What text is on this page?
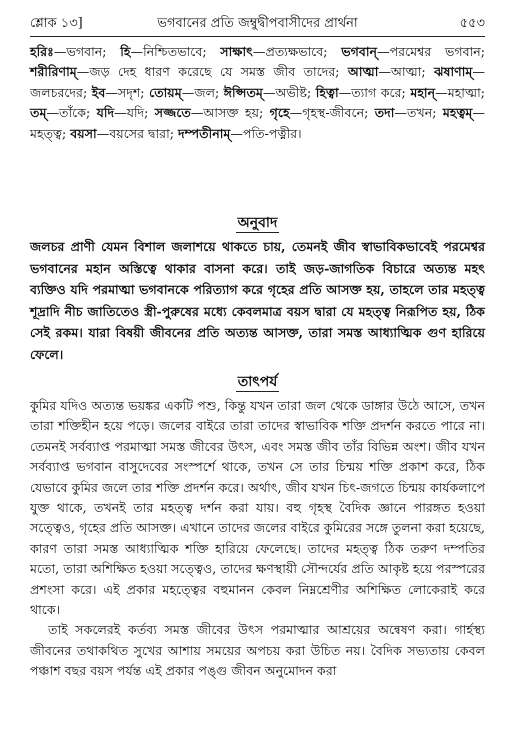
শ্লোক ১৩]	ভগবানের প্রতি জম্বুদ্বীপবাসীদের প্রার্থনা	৫৫৩
হরিঃ—ভগবান; হি—নিশ্চিতভাবে; সাক্ষাৎ—প্রত্যক্ষভাবে; ভগবান্—পরমেশ্বর ভগবান; শরীরিণাম্—জড় দেহ ধারণ করেছে যে সমস্ত জীব তাদের; আত্মা—আত্মা; ঝষাণাম্—জলচরদের; ইব—সদৃশ; তোয়ম্—জল; ঈপ্সিতম্—অভীষ্ট; হিত্বা—ত্যাগ করে; মহান্—মহাত্মা; তম্—তাঁকে; যদি—যদি; সজ্জতে—আসক্ত হয়; গৃহে—গৃহস্থ-জীবনে; তদা—তখন; মহত্বম্—মহত্ত্ব; বয়সা—বয়সের দ্বারা; দম্পতীনাম্—পতি-পত্নীর।
অনুবাদ
জলচর প্রাণী যেমন বিশাল জলাশয়ে থাকতে চায়, তেমনই জীব স্বাভাবিকভাবেই পরমেশ্বর ভগবানের মহান অস্তিত্বে থাকার বাসনা করে। তাই জড়-জাগতিক বিচারে অত্যন্ত মহৎ ব্যক্তিও যদি পরমাত্মা ভগবানকে পরিত্যাগ করে গৃহের প্রতি আসক্ত হয়, তাহলে তার মহত্ত্ব শূদ্রাদি নীচ জাতিতেও স্ত্রী-পুরুষের মধ্যে কেবলমাত্র বয়স দ্বারা যে মহত্ত্ব নিরূপিত হয়, ঠিক সেই রকম। যারা বিষয়ী জীবনের প্রতি অত্যন্ত আসক্ত, তারা সমস্ত আধ্যাত্মিক গুণ হারিয়ে ফেলে।
তাৎপর্য

কুমির যদিও অত্যন্ত ভয়ঙ্কর একটি পশু, কিন্তু যখন তারা জল থেকে ডাঙ্গার উঠে আসে, তখন তারা শক্তিহীন হয়ে পড়ে। জলের বাইরে তারা তাদের স্বাভাবিক শক্তি প্রদর্শন করতে পারে না। তেমনই সর্বব্যাপ্ত পরমাত্মা সমস্ত জীবের উৎস, এবং সমস্ত জীব তাঁর বিভিন্ন অংশ। জীব যখন সর্বব্যাপ্ত ভগবান বাসুদেবের সংস্পর্শে থাকে, তখন সে তার চিন্ময় শক্তি প্রকাশ করে, ঠিক যেভাবে কুমির জলে তার শক্তি প্রদর্শন করে। অর্থাৎ, জীব যখন চিৎ-জগতে চিন্ময় কার্যকলাপে যুক্ত থাকে, তখনই তার মহত্ত্ব দর্শন করা যায়। বহু গৃহস্থ বৈদিক জ্ঞানে পারঙ্গত হওয়া সত্ত্বেও, গৃহের প্রতি আসক্ত। এখানে তাদের জলের বাইরে কুমিরের সঙ্গে তুলনা করা হয়েছে, কারণ তারা সমস্ত আধ্যাত্মিক শক্তি হারিয়ে ফেলেছে। তাদের মহত্ত্ব ঠিক তরুণ দম্পতির মতো, তারা অশিক্ষিত হওয়া সত্ত্বেও, তাদের ক্ষণস্থায়ী সৌন্দর্যের প্রতি আকৃষ্ট হয়ে পরস্পরের প্রশংসা করে। এই প্রকার মহত্ত্বের বহুমানন কেবল নিম্নশ্রেণীর অশিক্ষিত লোকেরাই করে থাকে।

তাই সকলেরই কর্তব্য সমস্ত জীবের উৎস পরমাত্মার আশ্রয়ের অন্বেষণ করা। গার্হস্থ্য জীবনের তথাকথিত সুখের আশায় সময়ের অপচয় করা উচিত নয়। বৈদিক সভ্যতায় কেবল পঞ্চাশ বছর বয়স পর্যন্ত এই প্রকার পঙ্গু জীবন অনুমোদন করা
